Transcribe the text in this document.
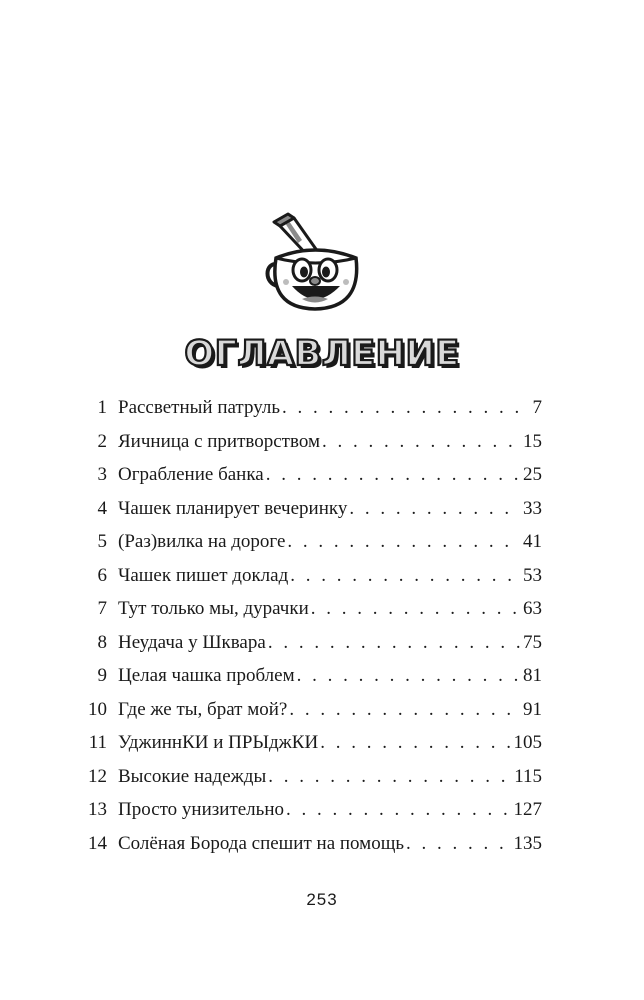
ОГЛАВЛЕНИЕ
1 Рассветный патруль . . .	7
2 Яичница с притворством . . .	15
3 Ограбление банка . . .	25
4 Чашек планирует вечеринку . . .	33
5 (Раз)вилка на дороге . . .	41
6 Чашек пишет доклад . . .	53
7 Тут только мы, дурачки . . .	63
8 Неудача у Шквара . . .	75
9 Целая чашка проблем . . .	81
10 Где же ты, брат мой? . . .	91
11 УджиннКИ и ПРЫджКИ . . .	105
12 Высокие надежды . . .	115
13 Просто унизительно . . .	127
14 Солёная Борода спешит на помощь . . .	135
253
